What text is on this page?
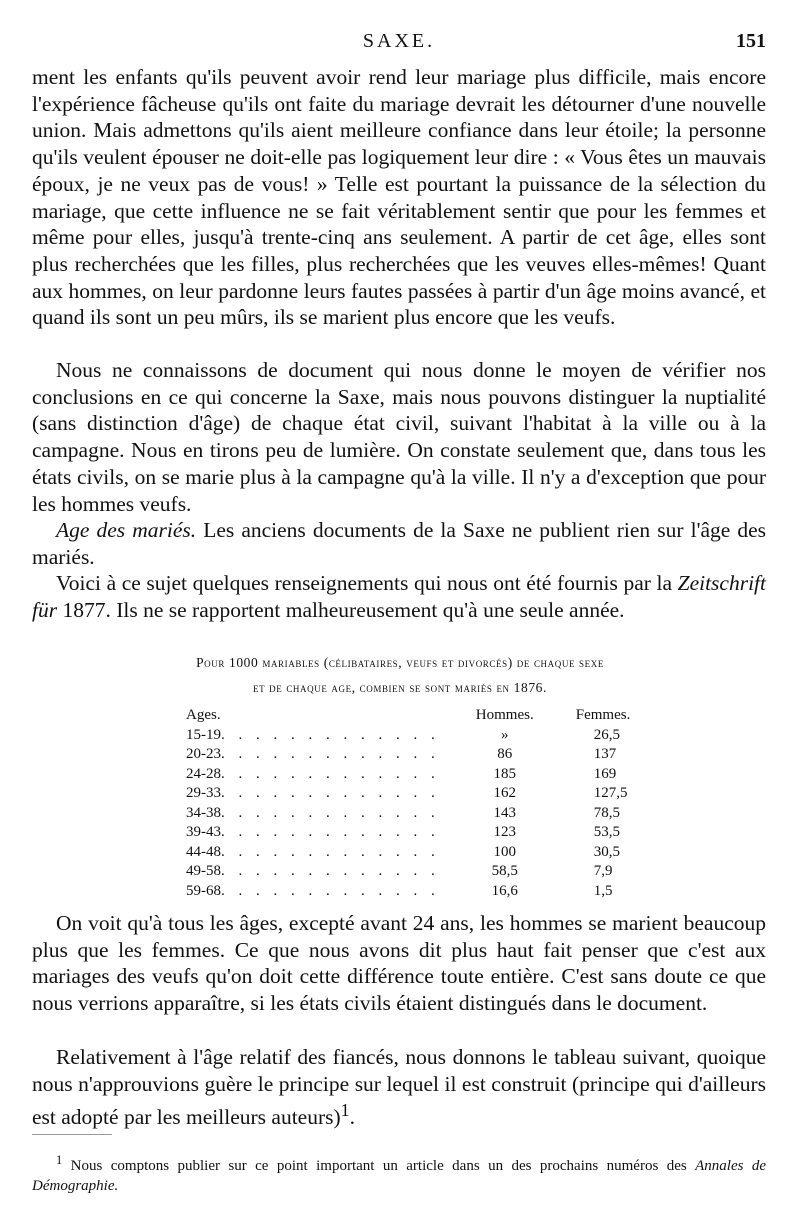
SAXE.	151

ment les enfants qu'ils peuvent avoir rend leur mariage plus difficile, mais encore l'expérience fâcheuse qu'ils ont faite du mariage devrait les détourner d'une nouvelle union. Mais admettons qu'ils aient meilleure confiance dans leur étoile; la personne qu'ils veulent épouser ne doit-elle pas logiquement leur dire : « Vous êtes un mauvais époux, je ne veux pas de vous! » Telle est pourtant la puissance de la sélection du mariage, que cette influence ne se fait véritablement sentir que pour les femmes et même pour elles, jusqu'à trente-cinq ans seulement. A partir de cet âge, elles sont plus recherchées que les filles, plus recherchées que les veuves elles-mêmes! Quant aux hommes, on leur pardonne leurs fautes passées à partir d'un âge moins avancé, et quand ils sont un peu mûrs, ils se marient plus encore que les veufs.

Nous ne connaissons de document qui nous donne le moyen de vérifier nos conclusions en ce qui concerne la Saxe, mais nous pouvons distinguer la nuptialité (sans distinction d'âge) de chaque état civil, suivant l'habitat à la ville ou à la campagne. Nous en tirons peu de lumière. On constate seulement que, dans tous les états civils, on se marie plus à la campagne qu'à la ville. Il n'y a d'exception que pour les hommes veufs.

Age des mariés. Les anciens documents de la Saxe ne publient rien sur l'âge des mariés.

Voici à ce sujet quelques renseignements qui nous ont été fournis par la Zeitschrift für 1877. Ils ne se rapportent malheureusement qu'à une seule année.

Pour 1000 mariables (célibataires, veufs et divorcés) de chaque sexe
et de chaque age, combien se sont mariés en 1876.
Ages.	Hommes.	Femmes.
15-19. . . . . . . . . . . . .	»	26,5
20-23. . . . . . . . . . . . .	86	137
24-28. . . . . . . . . . . . .	185	169
29-33. . . . . . . . . . . . .	162	127,5
34-38. . . . . . . . . . . . .	143	78,5
39-43. . . . . . . . . . . . .	123	53,5
44-48. . . . . . . . . . . . .	100	30,5
49-58. . . . . . . . . . . . .	58,5	7,9
59-68. . . . . . . . . . . . .	16,6	1,5

On voit qu'à tous les âges, excepté avant 24 ans, les hommes se marient beaucoup plus que les femmes. Ce que nous avons dit plus haut fait penser que c'est aux mariages des veufs qu'on doit cette différence toute entière. C'est sans doute ce que nous verrions apparaître, si les états civils étaient distingués dans le document.

Relativement à l'âge relatif des fiancés, nous donnons le tableau suivant, quoique nous n'approuvions guère le principe sur lequel il est construit (principe qui d'ailleurs est adopté par les meilleurs auteurs)$^1$.

$^1$ Nous comptons publier sur ce point important un article dans un des prochains numéros des Annales de Démographie.
